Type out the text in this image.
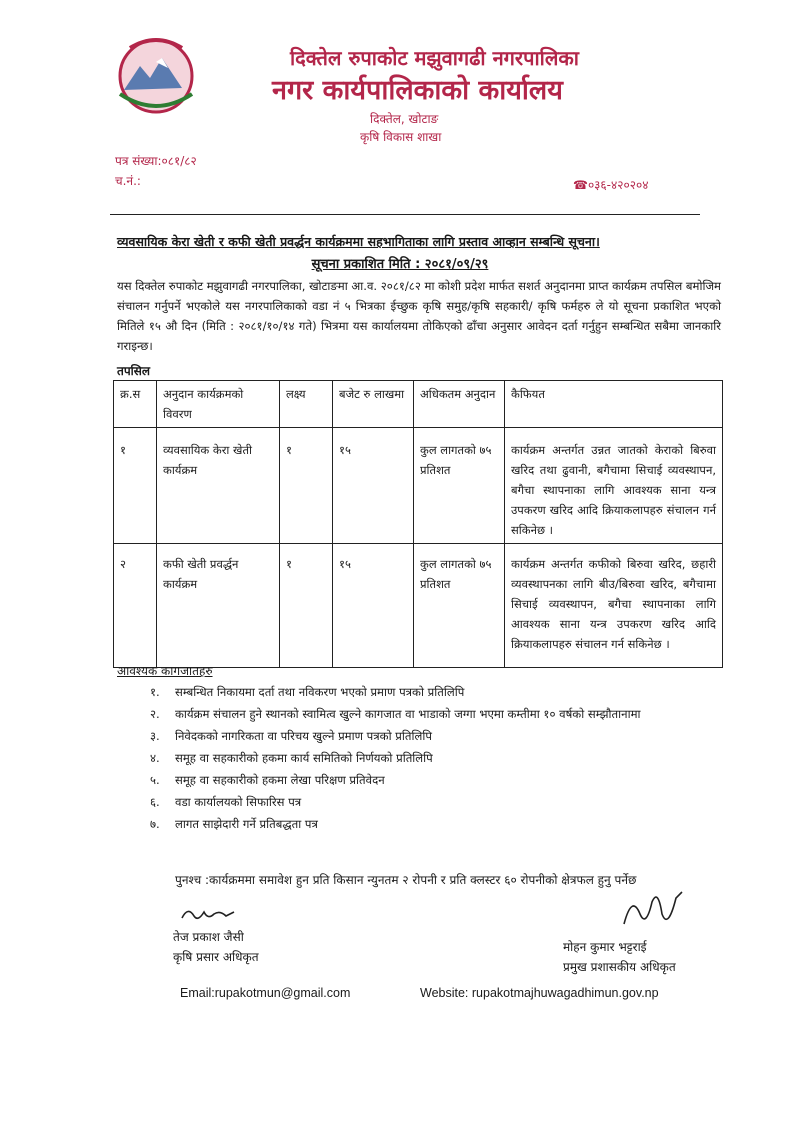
दिक्तेल रुपाकोट मझुवागढी नगरपालिका
नगर कार्यपालिकाको कार्यालय
दिक्तेल, खोटाङ
कृषि विकास शाखा
पत्र संख्या:०८१/८२
च.नं.:	☎०३६-४२०२०४
व्यवसायिक केरा खेती र कफी खेती प्रवर्द्धन कार्यक्रममा सहभागिताका लागि प्रस्ताव आव्हान सम्बन्धि सूचना।
सूचना प्रकाशित मिति : २०८१/०९/२९
यस दिक्तेल रुपाकोट मझुवागढी नगरपालिका, खोटाङमा आ.व. २०८१/८२ मा कोशी प्रदेश मार्फत सशर्त अनुदानमा प्राप्त कार्यक्रम तपसिल बमोजिम संचालन गर्नुपर्ने भएकोले यस नगरपालिकाको वडा नं ५ भित्रका ईच्छुक कृषि समुह/कृषि सहकारी/ कृषि फर्महरु ले यो सूचना प्रकाशित भएको मितिले १५ औ दिन (मिति : २०८१/१०/१४ गते) भित्रमा यस कार्यालयमा तोकिएको ढाँचा अनुसार आवेदन दर्ता गर्नुहुन सम्बन्धित सबैमा जानकारि गराइन्छ।
तपसिल
क्र.स	अनुदान कार्यक्रमको विवरण	लक्ष्य	बजेट रु लाखमा	अधिकतम अनुदान	कैफियत
१	व्यवसायिक केरा खेती कार्यक्रम	१	१५	कुल लागतको ७५ प्रतिशत	कार्यक्रम अन्तर्गत उन्नत जातको केराको बिरुवा खरिद तथा ढुवानी, बगैचामा सिचाई व्यवस्थापन, बगैचा स्थापनाका लागि आवश्यक साना यन्त्र उपकरण खरिद आदि क्रियाकलापहरु संचालन गर्न सकिनेछ ।
२	कफी खेती प्रवर्द्धन कार्यक्रम	१	१५	कुल लागतको ७५ प्रतिशत	कार्यक्रम अन्तर्गत कफीको बिरुवा खरिद, छहारी व्यवस्थापनका लागि बीउ/बिरुवा खरिद, बगैचामा सिचाई व्यवस्थापन, बगैचा स्थापनाका लागि आवश्यक साना यन्त्र उपकरण खरिद आदि क्रियाकलापहरु संचालन गर्न सकिनेछ ।
आवश्यक कागजातहरु
१.	सम्बन्धित निकायमा दर्ता तथा नविकरण भएको प्रमाण पत्रको प्रतिलिपि
२.	कार्यक्रम संचालन हुने स्थानको स्वामित्व खुल्ने कागजात वा भाडाको जग्गा भएमा कम्तीमा १० वर्षको सम्झौतानामा
३.	निवेदकको नागरिकता वा परिचय खुल्ने प्रमाण पत्रको प्रतिलिपि
४.	समूह वा सहकारीको हकमा कार्य समितिको निर्णयको प्रतिलिपि
५.	समूह वा सहकारीको हकमा लेखा परिक्षण प्रतिवेदन
६.	वडा कार्यालयको सिफारिस पत्र
७.	लागत साझेदारी गर्ने प्रतिबद्धता पत्र
पुनश्च :कार्यक्रममा समावेश हुन प्रति किसान न्युनतम २ रोपनी र प्रति क्लस्टर ६० रोपनीको क्षेत्रफल हुनु पर्नेछ
तेज प्रकाश जैसी
कृषि प्रसार अधिकृत
मोहन कुमार भट्टराई
प्रमुख प्रशासकीय अधिकृत
Email:rupakotmun@gmail.com	Website: rupakotmajhuwagadhimun.gov.np
